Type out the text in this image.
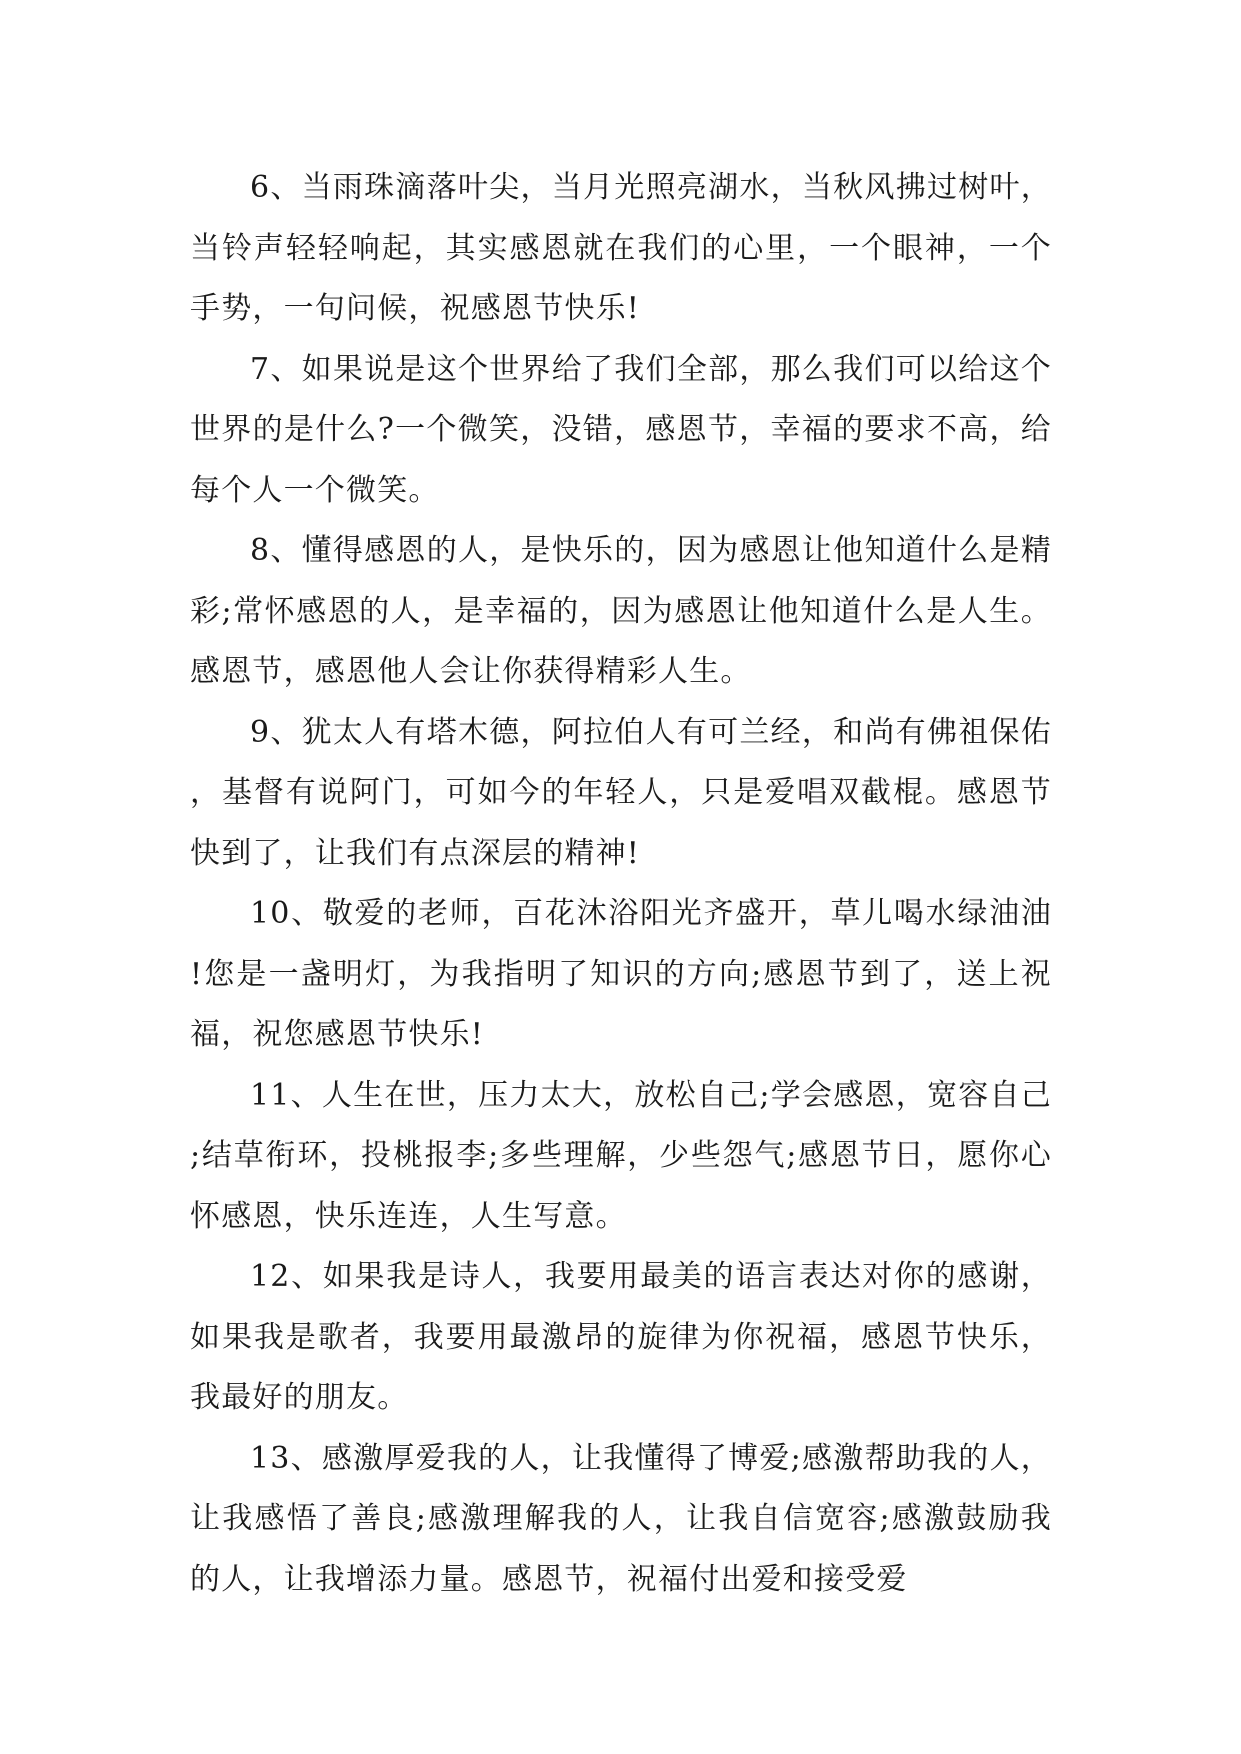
6、当雨珠滴落叶尖，当月光照亮湖水，当秋风拂过树叶，当铃声轻轻响起，其实感恩就在我们的心里，一个眼神，一个手势，一句问候，祝感恩节快乐!

7、如果说是这个世界给了我们全部，那么我们可以给这个世界的是什么?一个微笑，没错，感恩节，幸福的要求不高，给每个人一个微笑。

8、懂得感恩的人，是快乐的，因为感恩让他知道什么是精彩;常怀感恩的人，是幸福的，因为感恩让他知道什么是人生。感恩节，感恩他人会让你获得精彩人生。

9、犹太人有塔木德，阿拉伯人有可兰经，和尚有佛祖保佑，基督有说阿门，可如今的年轻人，只是爱唱双截棍。感恩节快到了，让我们有点深层的精神!

10、敬爱的老师，百花沐浴阳光齐盛开，草儿喝水绿油油!您是一盏明灯，为我指明了知识的方向;感恩节到了，送上祝福，祝您感恩节快乐!

11、人生在世，压力太大，放松自己;学会感恩，宽容自己;结草衔环，投桃报李;多些理解，少些怨气;感恩节日，愿你心怀感恩，快乐连连，人生写意。

12、如果我是诗人，我要用最美的语言表达对你的感谢，如果我是歌者，我要用最激昂的旋律为你祝福，感恩节快乐，我最好的朋友。

13、感激厚爱我的人，让我懂得了博爱;感激帮助我的人，让我感悟了善良;感激理解我的人，让我自信宽容;感激鼓励我的人，让我增添力量。感恩节，祝福付出爱和接受爱
